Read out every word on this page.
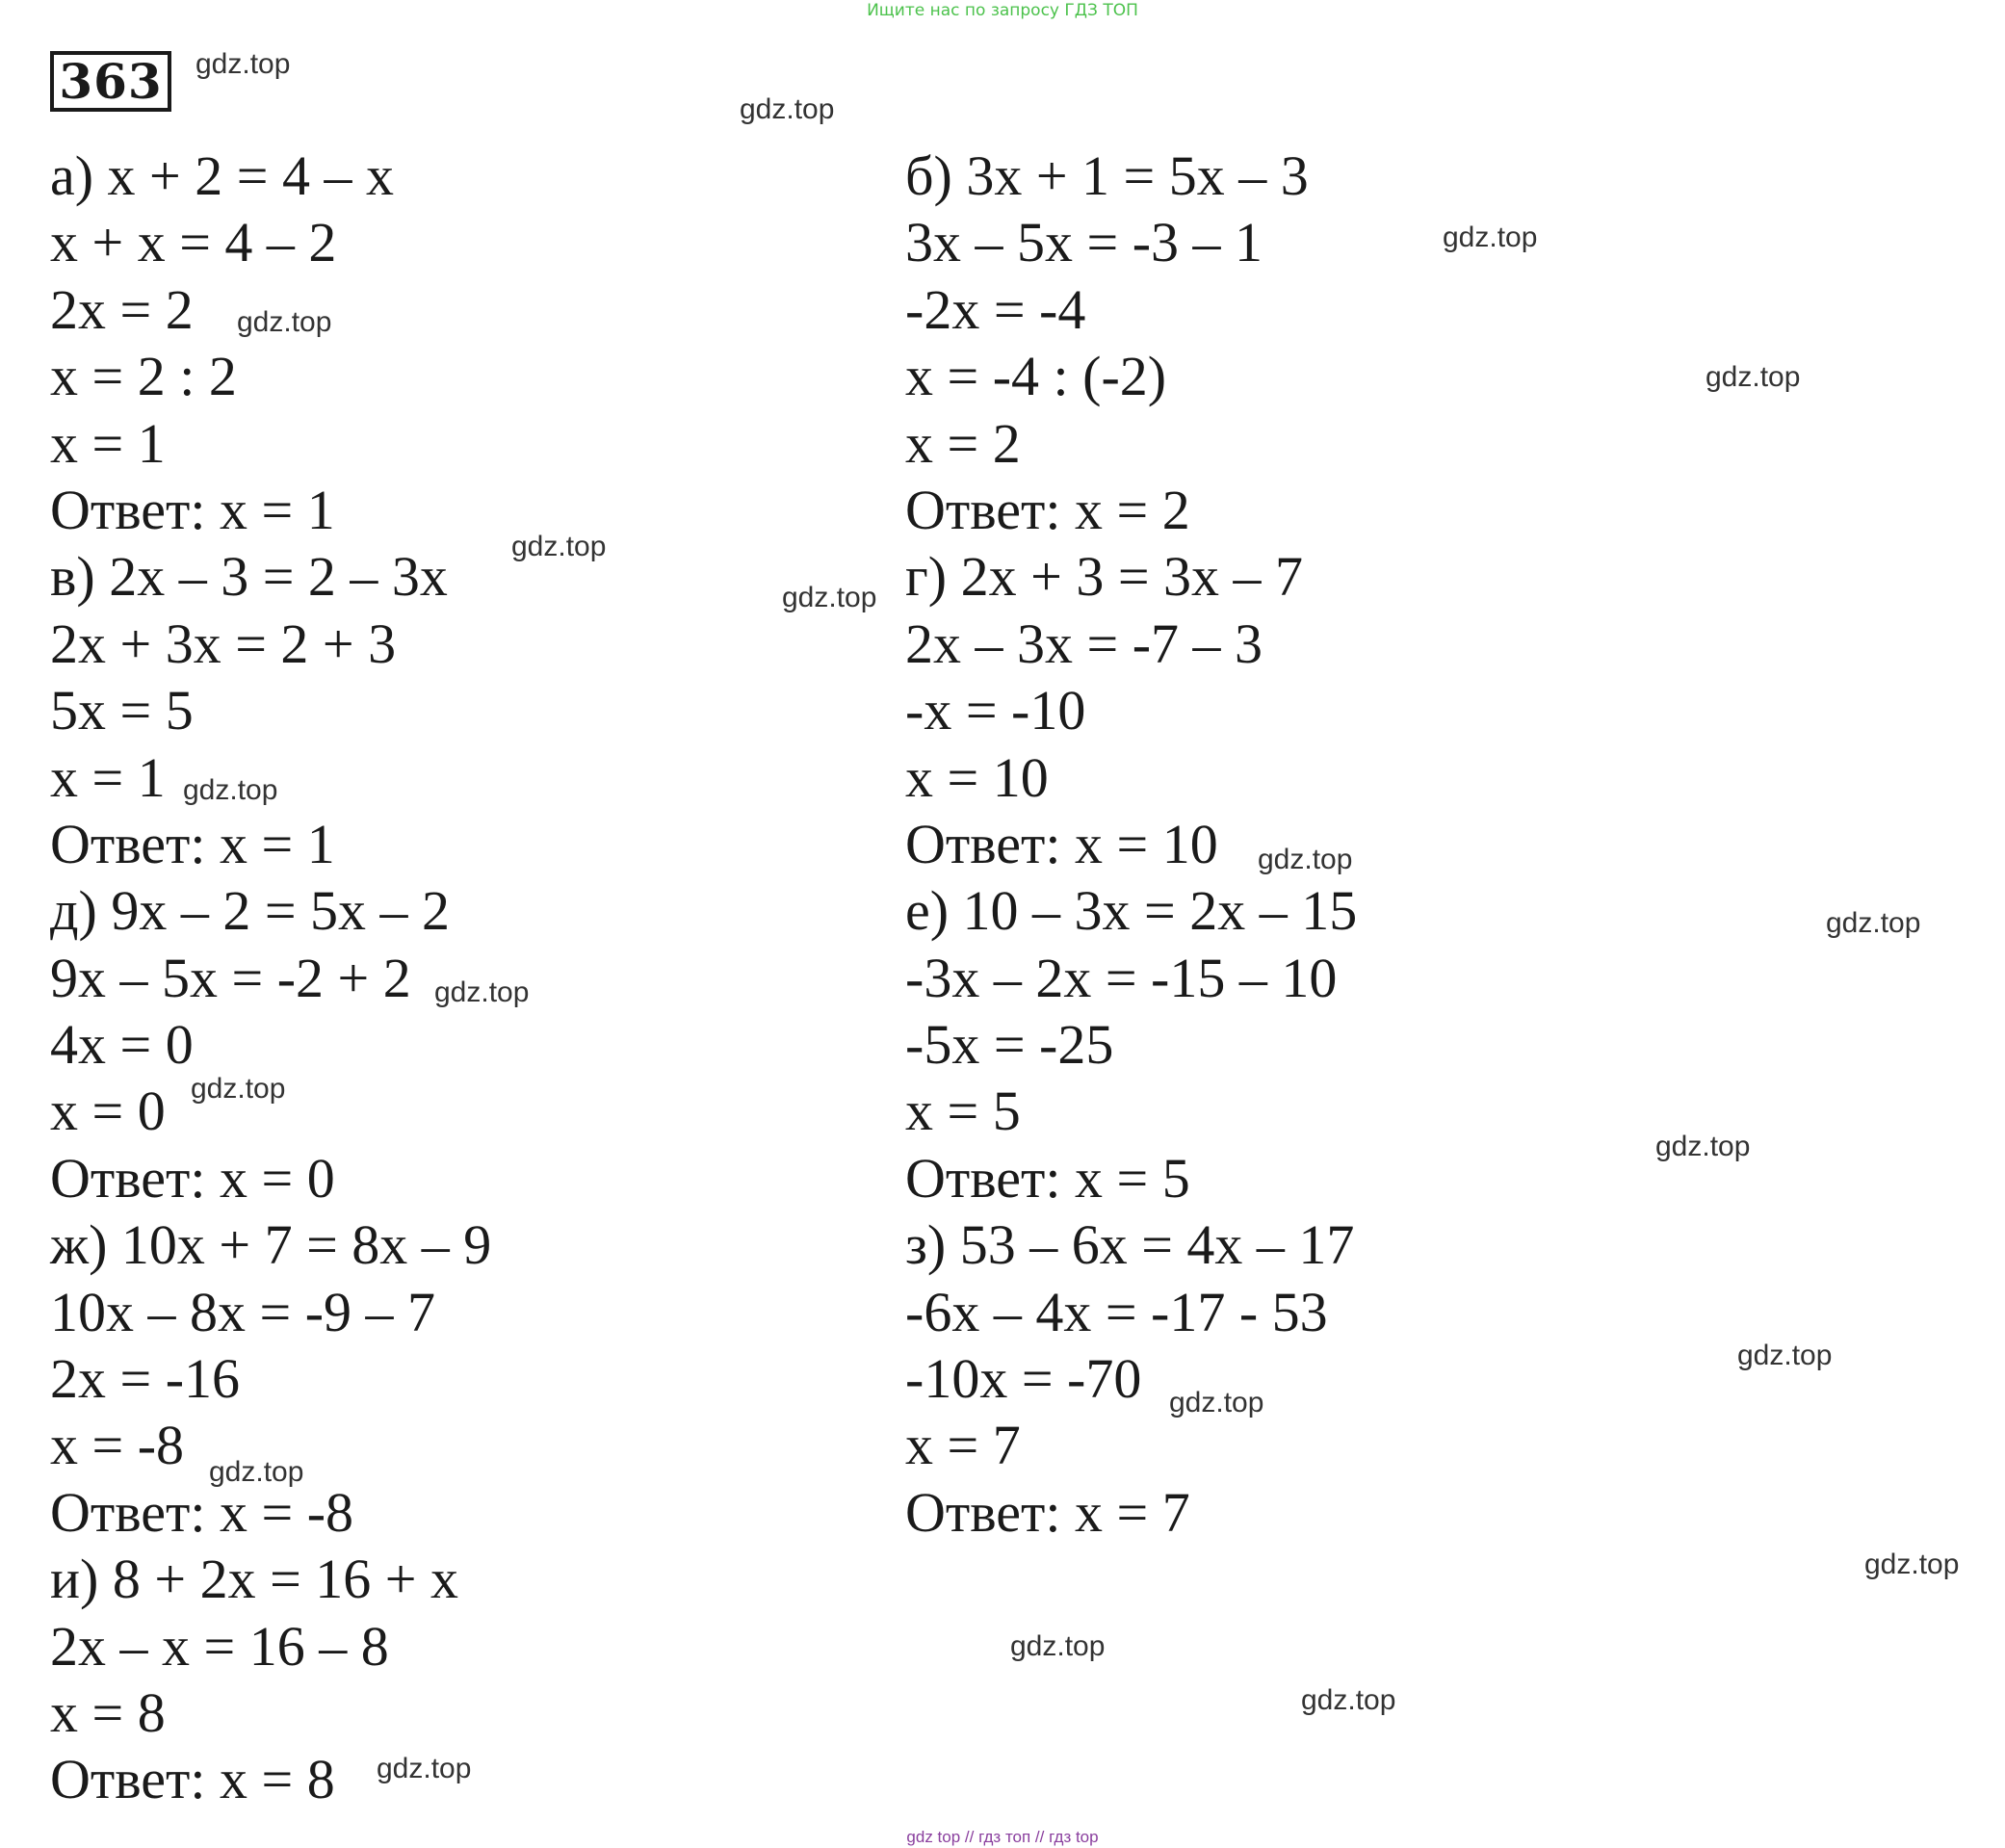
Ищите нас по запросу ГДЗ ТОП
363
а) x + 2 = 4 – x
x + x = 4 – 2
2x = 2
x = 2 : 2
x = 1
Ответ: x = 1
в) 2x – 3 = 2 – 3x
2x + 3x = 2 + 3
5x = 5
x = 1
Ответ: x = 1
д) 9x – 2 = 5x – 2
9x – 5x = -2 + 2
4x = 0
x = 0
Ответ: x = 0
ж) 10x + 7 = 8x – 9
10x – 8x = -9 – 7
2x = -16
x = -8
Ответ: x = -8
и) 8 + 2x = 16 + x
2x – x = 16 – 8
x = 8
Ответ: x = 8
б) 3x + 1 = 5x – 3
3x – 5x = -3 – 1
-2x = -4
x = -4 : (-2)
x = 2
Ответ: x = 2
г) 2x + 3 = 3x – 7
2x – 3x = -7 – 3
-x = -10
x = 10
Ответ: x = 10
е) 10 – 3x = 2x – 15
-3x – 2x = -15 – 10
-5x = -25
x = 5
Ответ: x = 5
з) 53 – 6x = 4x – 17
-6x – 4x = -17 - 53
-10x = -70
x = 7
Ответ: x = 7
gdz.top
gdz.top
gdz.top
gdz.top
gdz.top
gdz.top
gdz.top
gdz.top
gdz.top
gdz.top
gdz.top
gdz.top
gdz.top
gdz.top
gdz.top
gdz.top
gdz.top
gdz.top
gdz.top
gdz.top
gdz top // гдз топ // гдз top
